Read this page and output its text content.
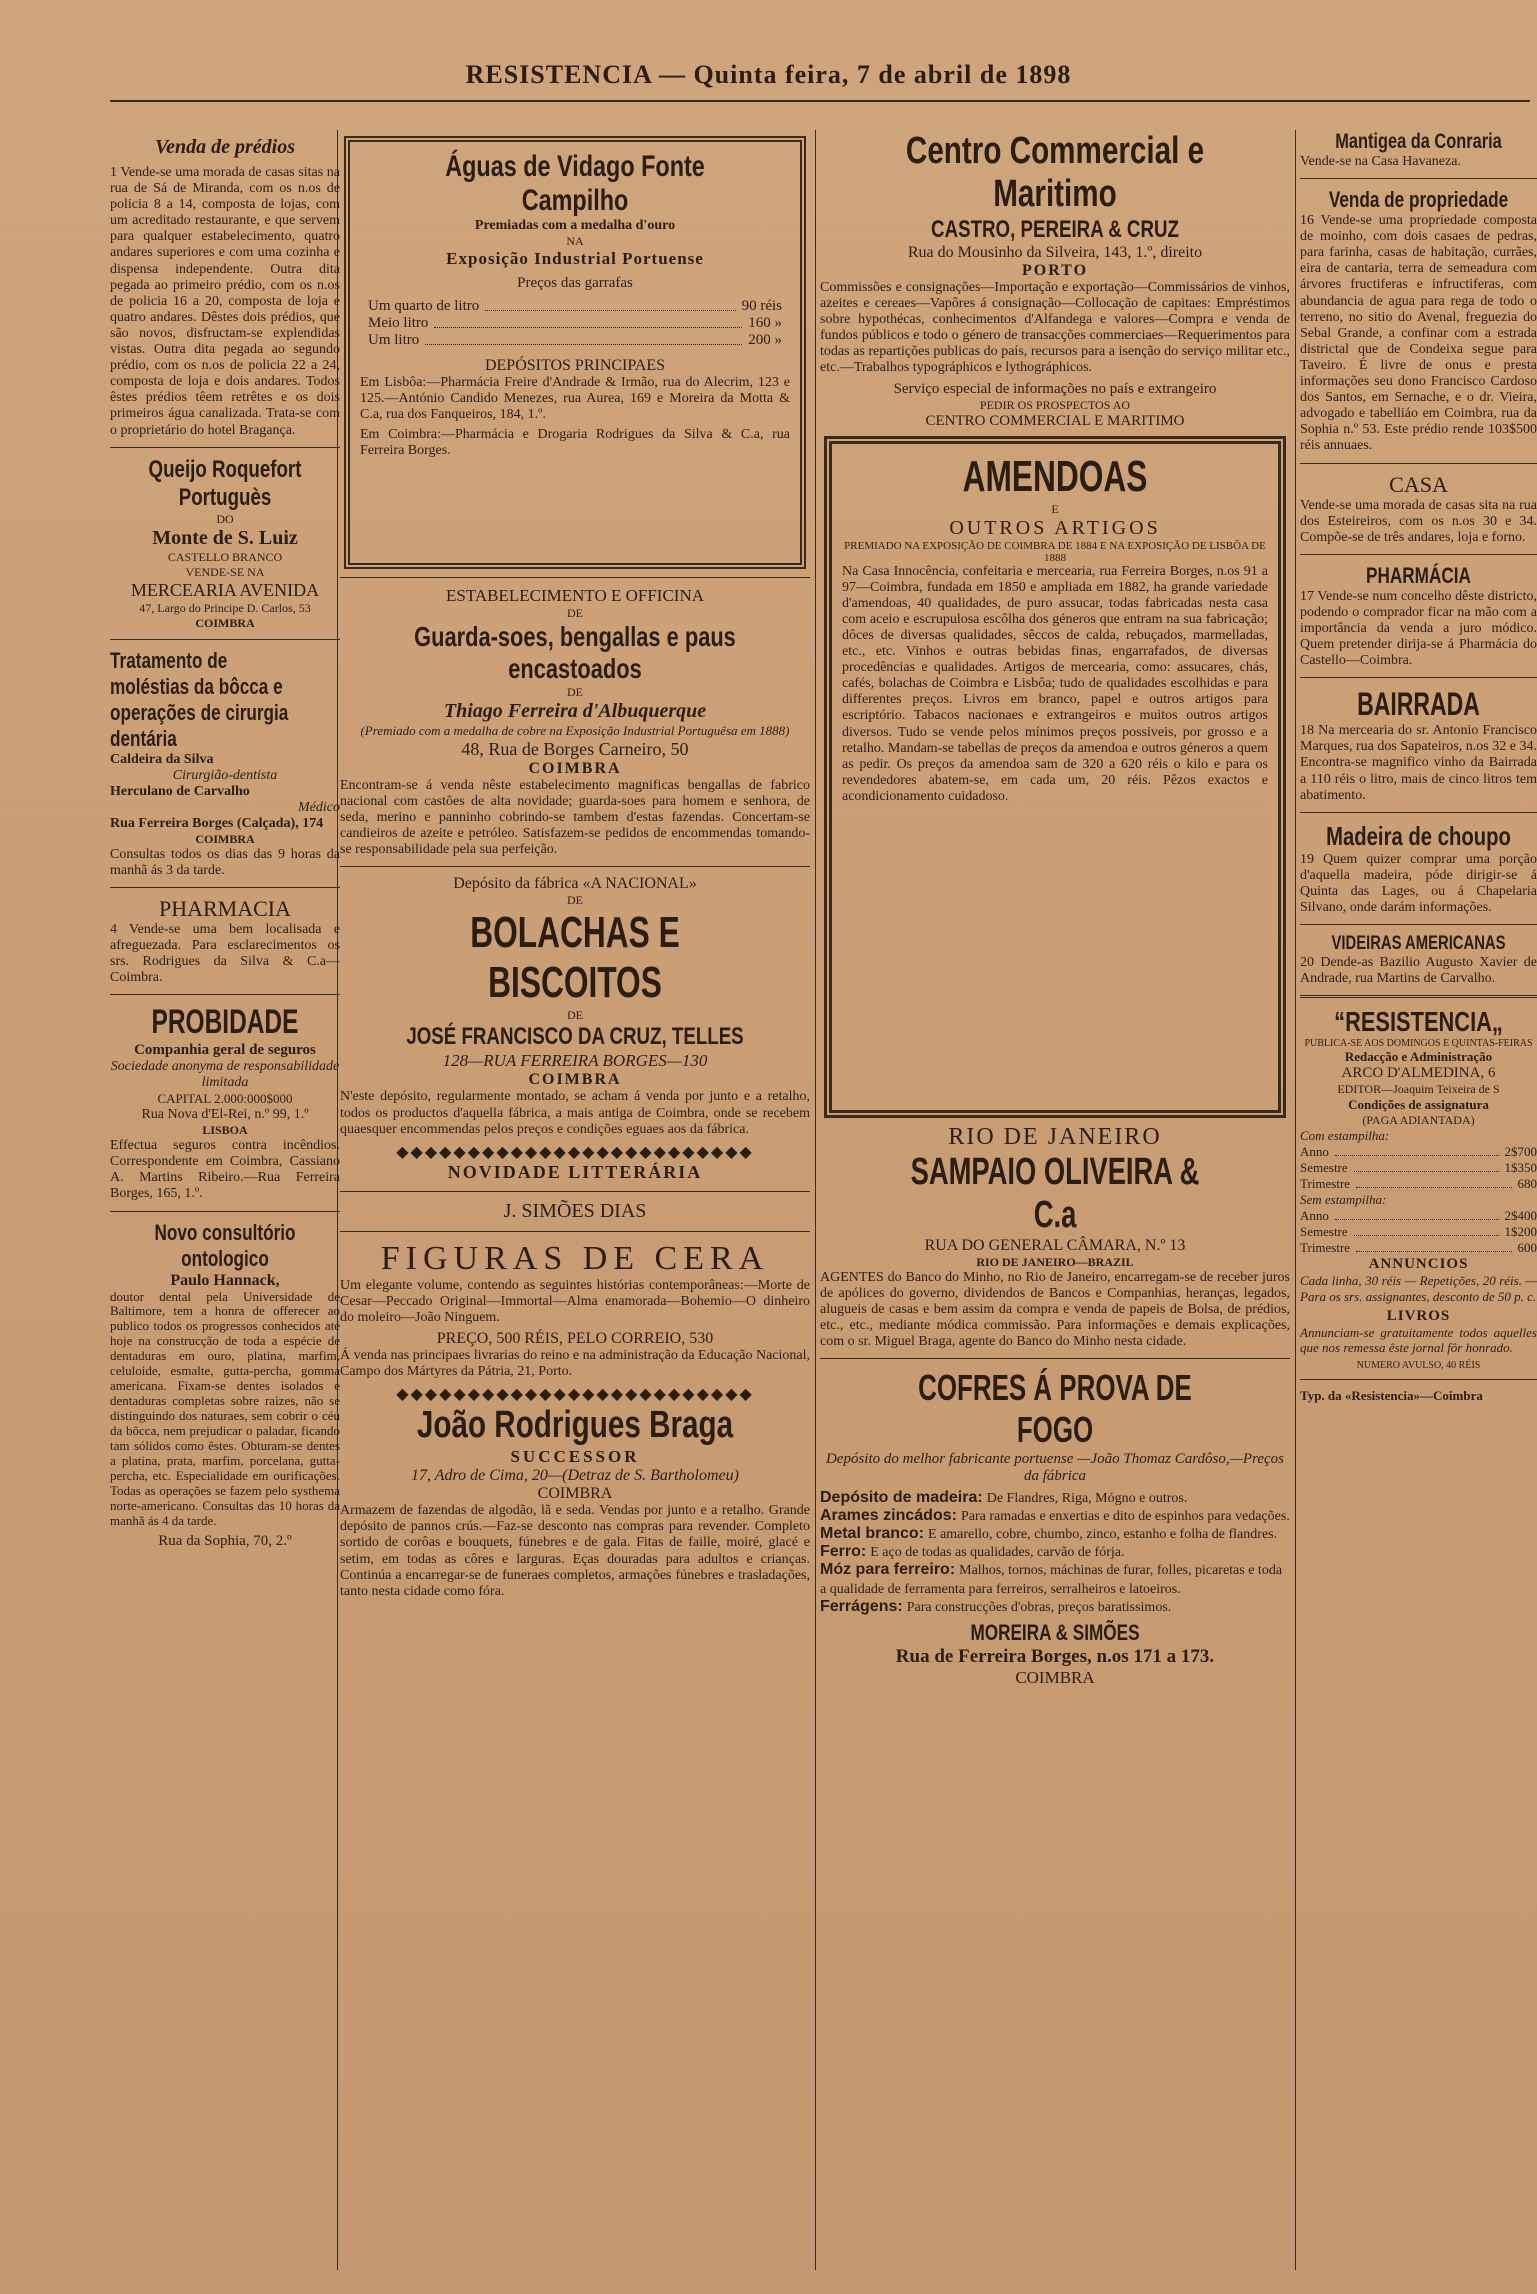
RESISTENCIA — Quinta feira, 7 de abril de 1898
Venda de prédios

1 Vende-se uma morada de casas sitas na rua de Sá de Miranda, com os n.os de policia 8 a 14, composta de lojas, com um acreditado restaurante, e que servem para qualquer estabelecimento, quatro andares superiores e com uma cozinha e dispensa independente. Outra dita pegada ao primeiro prédio, com os n.os de policia 16 a 20, composta de loja e quatro andares. Dêstes dois prédios, que são novos, disfructam-se explendidas vistas. Outra dita pegada ao segundo prédio, com os n.os de policia 22 a 24, composta de loja e dois andares. Todos êstes prédios têem retrêtes e os dois primeiros água canalizada. Trata-se com o proprietário do hotel Bragança.

Queijo Roquefort Portuguès
DO
Monte de S. Luiz
CASTELLO BRANCO
VENDE-SE NA
MERCEARIA AVENIDA
47, Largo do Principe D. Carlos, 53
COIMBRA
Tratamento de moléstias da bôcca e operações de cirurgia dentária
Caldeira da Silva
Cirurgião-dentista
Herculano de Carvalho
Médico
Rua Ferreira Borges (Calçada), 174
COIMBRA

Consultas todos os dias das 9 horas da manhã ás 3 da tarde.

PHARMACIA

4 Vende-se uma bem localisada e afreguezada. Para esclarecimentos os srs. Rodrigues da Silva & C.a—Coimbra.

PROBIDADE
Companhia geral de seguros
Sociedade anonyma de responsabilidade limitada
CAPITAL 2.000:000$000
Rua Nova d'El-Rei, n.º 99, 1.º
LISBOA

Effectua seguros contra incêndios. Correspondente em Coimbra, Cassiano A. Martins Ribeiro.—Rua Ferreira Borges, 165, 1.º.

Novo consultório ontologico
Paulo Hannack,

doutor dental pela Universidade de Baltimore, tem a honra de offerecer ao publico todos os progressos conhecidos até hoje na construcção de toda a espécie de dentaduras em ouro, platina, marfim, celuloide, esmalte, gutta-percha, gomma americana. Fixam-se dentes isolados e dentaduras completas sobre raizes, não se distinguindo dos naturaes, sem cobrir o céu da bôcca, nem prejudicar o paladar, ficando tam sólidos como êstes. Obturam-se dentes a platina, prata, marfim, porcelana, gutta-percha, etc. Especialidade em ourificações. Todas as operações se fazem pelo systhema norte-americano. Consultas das 10 horas da manhã ás 4 da tarde.

Rua da Sophia, 70, 2.º
Águas de Vidago Fonte Campilho
Premiadas com a medalha d'ouro
NA
Exposição Industrial Portuense
Preços das garrafas
Um quarto de litro	90 réis
Meio litro	160 »
Um litro	200 »
DEPÓSITOS PRINCIPAES

Em Lisbôa:—Pharmácia Freire d'Andrade & Irmão, rua do Alecrim, 123 e 125.—António Candido Menezes, rua Aurea, 169 e Moreira da Motta & C.a, rua dos Fanqueiros, 184, 1.º.

Em Coimbra:—Pharmácia e Drogaria Rodrigues da Silva & C.a, rua Ferreira Borges.

ESTABELECIMENTO E OFFICINA
DE
Guarda-soes, bengallas e paus encastoados
DE
Thiago Ferreira d'Albuquerque
(Premiado com a medalha de cobre na Exposição Industrial Portuguêsa em 1888)
48, Rua de Borges Carneiro, 50
COIMBRA

Encontram-se á venda nêste estabelecimento magnificas bengallas de fabrico nacional com castões de alta novidade; guarda-soes para homem e senhora, de seda, merino e panninho cobrindo-se tambem d'estas fazendas. Concertam-se candieiros de azeite e petróleo. Satisfazem-se pedidos de encommendas tomando-se responsabilidade pela sua perfeição.

Depósito da fábrica «A NACIONAL»
DE
BOLACHAS E BISCOITOS
DE
JOSÉ FRANCISCO DA CRUZ, TELLES
128—RUA FERREIRA BORGES—130
COIMBRA

N'este depósito, regularmente montado, se acham á venda por junto e a retalho, todos os productos d'aquella fábrica, a mais antiga de Coimbra, onde se recebem quaesquer encommendas pelos preços e condições eguaes aos da fábrica.

◆◆◆◆◆◆◆◆◆◆◆◆◆◆◆◆◆◆◆◆◆◆◆◆◆
NOVIDADE LITTERÁRIA
J. SIMÕES DIAS
FIGURAS DE CERA

Um elegante volume, contendo as seguintes histórias contemporâneas:—Morte de Cesar—Peccado Original—Immortal—Alma enamorada—Bohemio—O dinheiro do moleiro—João Ninguem.

PREÇO, 500 RÉIS, PELO CORREIO, 530

Á venda nas principaes livrarias do reino e na administração da Educação Nacional, Campo dos Mártyres da Pátria, 21, Porto.

◆◆◆◆◆◆◆◆◆◆◆◆◆◆◆◆◆◆◆◆◆◆◆◆◆
João Rodrigues Braga
SUCCESSOR
17, Adro de Cima, 20—(Detraz de S. Bartholomeu)
COIMBRA

Armazem de fazendas de algodão, lã e seda. Vendas por junto e a retalho. Grande depósito de pannos crús.—Faz-se desconto nas compras para revender. Completo sortido de corôas e bouquets, fúnebres e de gala. Fitas de faille, moiré, glacé e setim, em todas as côres e larguras. Eças douradas para adultos e crianças. Continúa a encarregar-se de funeraes completos, armações fúnebres e trasladações, tanto nesta cidade como fóra.

Centro Commercial e Maritimo
CASTRO, PEREIRA & CRUZ
Rua do Mousinho da Silveira, 143, 1.º, direito
PORTO

Commissões e consignações—Importação e exportação—Commissários de vinhos, azeites e cereaes—Vapôres á consignação—Collocação de capitaes: Empréstimos sobre hypothécas, conhecimentos d'Alfandega e valores—Compra e venda de fundos públicos e todo o género de transacções commerciaes—Requerimentos para todas as repartições publicas do país, recursos para a isenção do serviço militar etc., etc.—Trabalhos typográphicos e lythográphicos.

Serviço especial de informações no país e extrangeiro
PEDIR OS PROSPECTOS AO
CENTRO COMMERCIAL E MARITIMO
AMENDOAS
E
OUTROS ARTIGOS
PREMIADO NA EXPOSIÇÃO DE COIMBRA DE 1884 E NA EXPOSIÇÃO DE LISBÔA DE 1888

Na Casa Innocência, confeitaria e mercearia, rua Ferreira Borges, n.os 91 a 97—Coimbra, fundada em 1850 e ampliada em 1882, ha grande variedade d'amendoas, 40 qualidades, de puro assucar, todas fabricadas nesta casa com aceio e escrupulosa escôlha dos géneros que entram na sua fabricação; dôces de diversas qualidades, sêccos de calda, rebuçados, marmelladas, etc., etc. Vinhos e outras bebidas finas, engarrafados, de diversas procedências e qualidades. Artigos de mercearia, como: assucares, chás, cafés, bolachas de Coimbra e Lisbôa; tudo de qualidades escolhidas e para differentes preços. Livros em branco, papel e outros artigos para escriptório. Tabacos nacionaes e extrangeiros e muitos outros artigos diversos. Tudo se vende pelos mínimos preços possiveis, por grosso e a retalho. Mandam-se tabellas de preços da amendoa e outros géneros a quem as pedir. Os preços da amendoa sam de 320 a 620 réis o kilo e para os revendedores abatem-se, em cada um, 20 réis. Pêzos exactos e acondicionamento cuidadoso.

RIO DE JANEIRO
SAMPAIO OLIVEIRA & C.a
RUA DO GENERAL CÂMARA, N.º 13
RIO DE JANEIRO—BRAZIL

AGENTES do Banco do Minho, no Rio de Janeiro, encarregam-se de receber juros de apólices do governo, dividendos de Bancos e Companhias, heranças, legados, alugueis de casas e bem assim da compra e venda de papeis de Bolsa, de prédios, etc., etc., mediante módica commissão. Para informações e demais explicações, com o sr. Miguel Braga, agente do Banco do Minho nesta cidade.

COFRES Á PROVA DE FOGO
Depósito do melhor fabricante portuense —João Thomaz Cardôso,—Preços da fábrica
Depósito de madeira: De Flandres, Riga, Mógno e outros.
Arames zincádos: Para ramadas e enxertias e dito de espinhos para vedações.
Metal branco: E amarello, cobre, chumbo, zinco, estanho e folha de flandres.
Ferro: E aço de todas as qualidades, carvão de fórja.
Móz para ferreiro: Malhos, tornos, máchinas de furar, folles, picaretas e toda a qualidade de ferramenta para ferreiros, serralheiros e latoeiros.
Ferrágens: Para construcções d'obras, preços baratissimos.
MOREIRA & SIMÕES
Rua de Ferreira Borges, n.os 171 a 173.
COIMBRA
Mantigea da Conraria

Vende-se na Casa Havaneza.

Venda de propriedade

16 Vende-se uma propriedade composta de moinho, com dois casaes de pedras, para farinha, casas de habitação, currães, eira de cantaria, terra de semeadura com árvores fructiferas e infructiferas, com abundancia de agua para rega de todo o terreno, no sitio do Avenal, freguezia do Sebal Grande, a confinar com a estrada districtal que de Condeixa segue para Taveiro. É livre de onus e presta informações seu dono Francisco Cardoso dos Santos, em Sernache, e o dr. Vieira, advogado e tabelliáo em Coimbra, rua da Sophia n.º 53. Este prédio rende 103$500 réis annuaes.

CASA

Vende-se uma morada de casas sita na rua dos Esteireiros, com os n.os 30 e 34. Compõe-se de três andares, loja e forno.

PHARMÁCIA

17 Vende-se num concelho dêste districto, podendo o comprador ficar na mão com a importância da venda a juro módico. Quem pretender dirija-se á Pharmácia do Castello—Coimbra.

BAIRRADA

18 Na mercearia do sr. Antonio Francisco Marques, rua dos Sapateiros, n.os 32 e 34. Encontra-se magnifico vinho da Bairrada a 110 réis o litro, mais de cinco litros tem abatimento.

Madeira de choupo

19 Quem quizer comprar uma porção d'aquella madeira, póde dirigir-se á Quinta das Lages, ou á Chapelaria Silvano, onde darám informações.

VIDEIRAS AMERICANAS

20 Dende-as Bazilio Augusto Xavier de Andrade, rua Martins de Carvalho.

“RESISTENCIA„
PUBLICA-SE AOS DOMINGOS E QUINTAS-FEIRAS
Redacção e Administração
ARCO D'ALMEDINA, 6
EDITOR—Joaquim Teixeira de S
Condições de assignatura
(PAGA ADIANTADA)
Com estampilha:
Anno	2$700
Semestre	1$350
Trimestre	680
Sem estampilha:
Anno	2$400
Semestre	1$200
Trimestre	600
ANNUNCIOS

Cada linha, 30 réis — Repetições, 20 réis. — Para os srs. assignantes, desconto de 50 p. c.

LIVROS

Annunciam-se gratuitamente todos aquelles que nos remessa êste jornal fôr honrado.

NUMERO AVULSO, 40 RÉIS
Typ. da «Resistencia»—Coimbra
